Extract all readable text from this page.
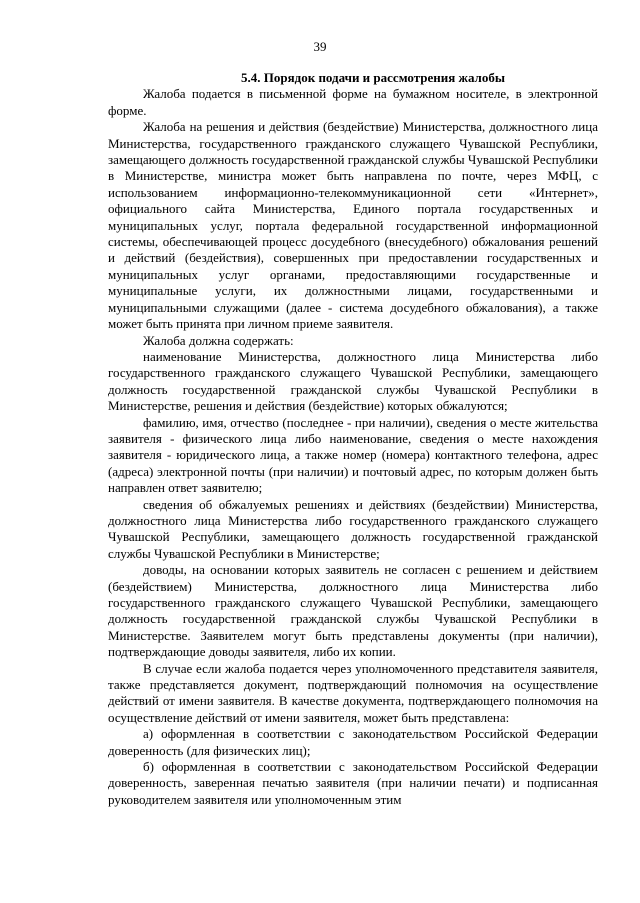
39
5.4. Порядок подачи и рассмотрения жалобы

Жалоба подается в письменной форме на бумажном носителе, в электронной форме.

Жалоба на решения и действия (бездействие) Министерства, должностного лица Министерства, государственного гражданского служащего Чувашской Республики, замещающего должность государственной гражданской службы Чувашской Республики в Министерстве, министра может быть направлена по почте, через МФЦ, с использованием информационно-телекоммуникационной сети «Интернет», официального сайта Министерства, Единого портала государственных и муниципальных услуг, портала федеральной государственной информационной системы, обеспечивающей процесс досудебного (внесудебного) обжалования решений и действий (бездействия), совершенных при предоставлении государственных и муниципальных услуг органами, предоставляющими государственные и муниципальные услуги, их должностными лицами, государственными и муниципальными служащими (далее - система досудебного обжалования), а также может быть принята при личном приеме заявителя.

Жалоба должна содержать:

наименование Министерства, должностного лица Министерства либо государственного гражданского служащего Чувашской Республики, замещающего должность государственной гражданской службы Чувашской Республики в Министерстве, решения и действия (бездействие) которых обжалуются;

фамилию, имя, отчество (последнее - при наличии), сведения о месте жительства заявителя - физического лица либо наименование, сведения о месте нахождения заявителя - юридического лица, а также номер (номера) контактного телефона, адрес (адреса) электронной почты (при наличии) и почтовый адрес, по которым должен быть направлен ответ заявителю;

сведения об обжалуемых решениях и действиях (бездействии) Министерства, должностного лица Министерства либо государственного гражданского служащего Чувашской Республики, замещающего должность государственной гражданской службы Чувашской Республики в Министерстве;

доводы, на основании которых заявитель не согласен с решением и действием (бездействием) Министерства, должностного лица Министерства либо государственного гражданского служащего Чувашской Республики, замещающего должность государственной гражданской службы Чувашской Республики в Министерстве. Заявителем могут быть представлены документы (при наличии), подтверждающие доводы заявителя, либо их копии.

В случае если жалоба подается через уполномоченного представителя заявителя, также представляется документ, подтверждающий полномочия на осуществление действий от имени заявителя. В качестве документа, подтверждающего полномочия на осуществление действий от имени заявителя, может быть представлена:

а) оформленная в соответствии с законодательством Российской Федерации доверенность (для физических лиц);

б) оформленная в соответствии с законодательством Российской Федерации доверенность, заверенная печатью заявителя (при наличии печати) и подписанная руководителем заявителя или уполномоченным этим
